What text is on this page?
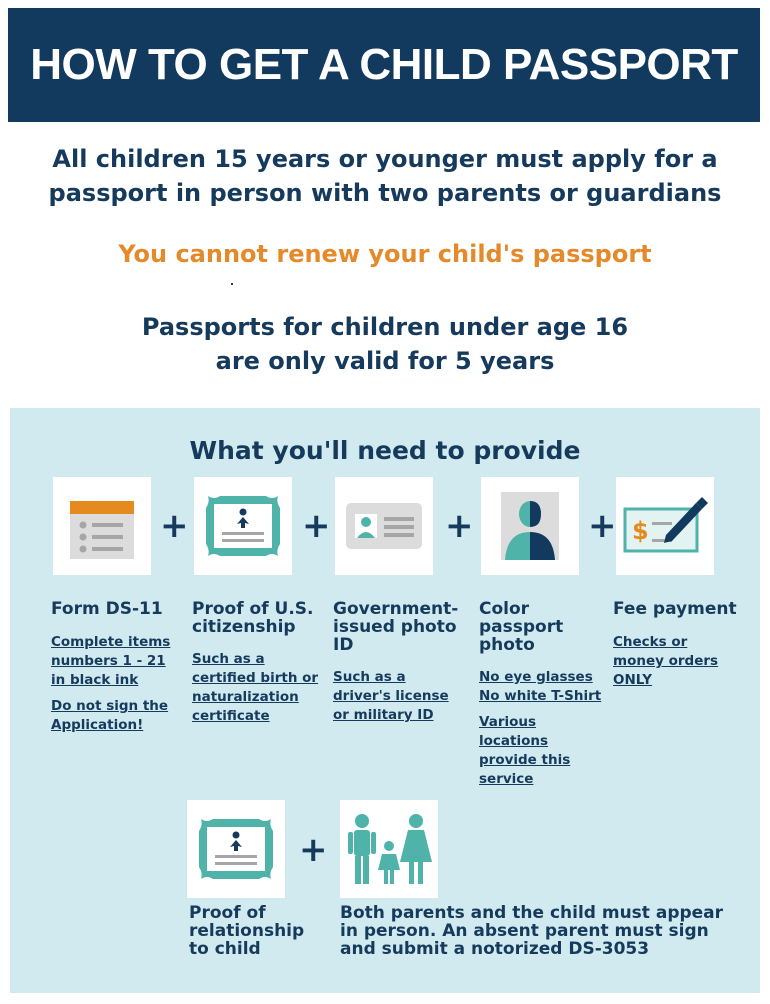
HOW TO GET A CHILD PASSPORT
All children 15 years or younger must apply for a
passport in person with two parents or guardians
You cannot renew your child's passport
Passports for children under age 16
are only valid for 5 years
What you'll need to provide
+	+	+	+ $
Form DS-11
Complete items
numbers 1 - 21
in black ink
Do not sign the
Application!
Proof of U.S.
citizenship
Such as a
certified birth or
naturalization
certificate
Government-
issued photo
ID
Such as a
driver's license
or military ID
Color
passport
photo
No eye glasses
No white T-Shirt
Various
locations
provide this
service
Fee payment
Checks or
money orders
ONLY
+
Proof of
relationship
to child
Both parents and the child must appear
in person. An absent parent must sign
and submit a notorized DS-3053
